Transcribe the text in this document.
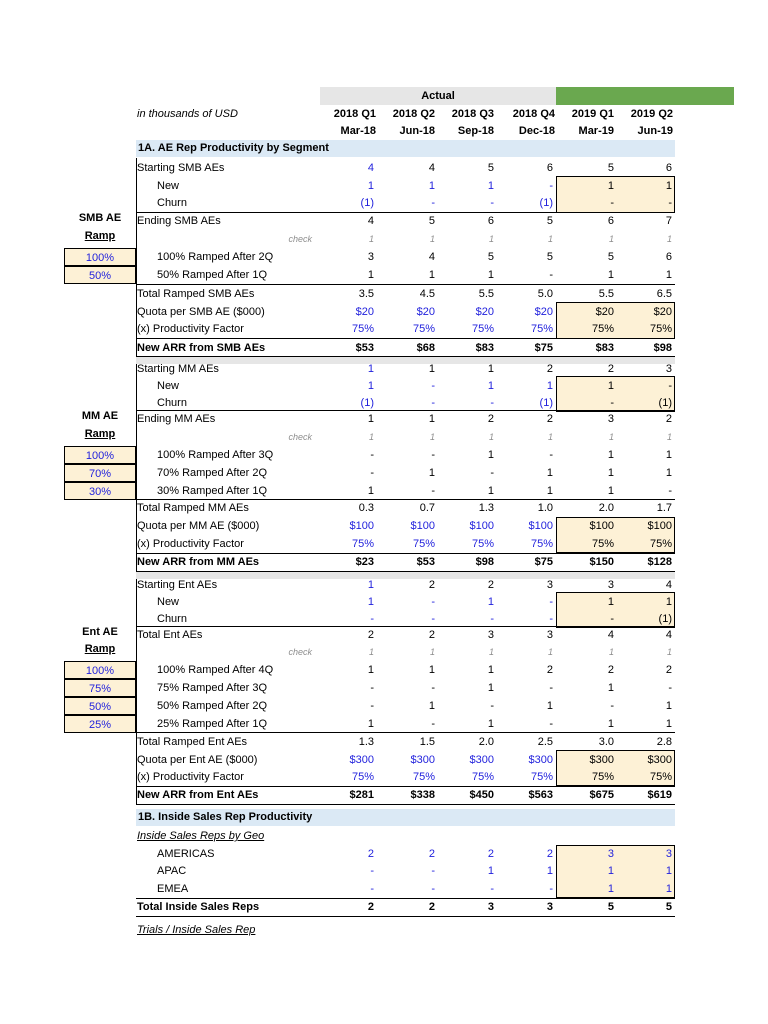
Actual
in thousands of USD	2018 Q1	2018 Q2	2018 Q3	2018 Q4	2019 Q1	2019 Q2
Mar-18	Jun-18	Sep-18	Dec-18	Mar-19	Jun-19
1A. AE Rep Productivity by Segment
SMB AE
Ramp
100%
50%
MM AE
Ramp
100%
70%
30%
Ent AE
Ramp
100%
75%
50%
25%
1B. Inside Sales Rep Productivity
Starting SMB AEs	4	4	5	6	5	6
New	1	1	1	-	1	1
Churn	(1)	-	-	(1)	-	-
Ending SMB AEs	4	5	6	5	6	7
check	1	1	1	1	1	1
100% Ramped After 2Q	3	4	5	5	5	6
50% Ramped After 1Q	1	1	1	-	1	1
Total Ramped SMB AEs	3.5	4.5	5.5	5.0	5.5	6.5
Quota per SMB AE ($000)	$20	$20	$20	$20	$20	$20
(x) Productivity Factor	75%	75%	75%	75%	75%	75%
New ARR from SMB AEs	$53	$68	$83	$75	$83	$98
Starting MM AEs	1	1	1	2	2	3
New	1	-	1	1	1	-
Churn	(1)	-	-	(1)	-	(1)
Ending MM AEs	1	1	2	2	3	2
check	1	1	1	1	1	1
100% Ramped After 3Q	-	-	1	-	1	1
70% Ramped After 2Q	-	1	-	1	1	1
30% Ramped After 1Q	1	-	1	1	1	-
Total Ramped MM AEs	0.3	0.7	1.3	1.0	2.0	1.7
Quota per MM AE ($000)	$100	$100	$100	$100	$100	$100
(x) Productivity Factor	75%	75%	75%	75%	75%	75%
New ARR from MM AEs	$23	$53	$98	$75	$150	$128
Starting Ent AEs	1	2	2	3	3	4
New	1	-	1	-	1	1
Churn	-	-	-	-	-	(1)
Total Ent AEs	2	2	3	3	4	4
check	1	1	1	1	1	1
100% Ramped After 4Q	1	1	1	2	2	2
75% Ramped After 3Q	-	-	1	-	1	-
50% Ramped After 2Q	-	1	-	1	-	1
25% Ramped After 1Q	1	-	1	-	1	1
Total Ramped Ent AEs	1.3	1.5	2.0	2.5	3.0	2.8
Quota per Ent AE ($000)	$300	$300	$300	$300	$300	$300
(x) Productivity Factor	75%	75%	75%	75%	75%	75%
New ARR from Ent AEs	$281	$338	$450	$563	$675	$619
AMERICAS	2	2	2	2	3	3
APAC	-	-	1	1	1	1
EMEA	-	-	-	-	1	1
Total Inside Sales Reps	2	2	3	3	5	5
Inside Sales Reps by Geo
Trials / Inside Sales Rep
